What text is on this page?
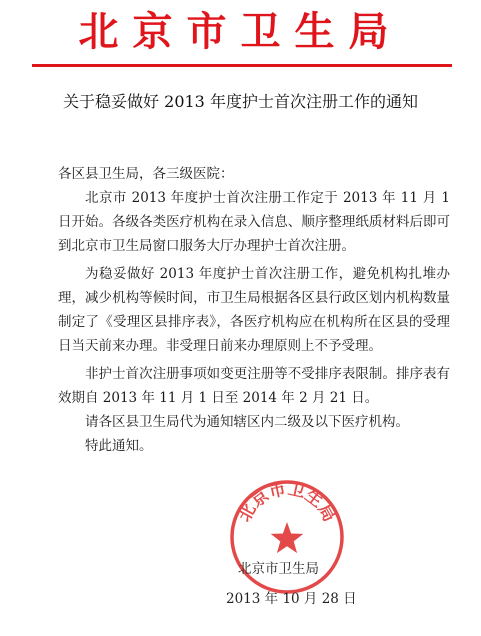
北京市卫生局
关于稳妥做好 2013 年度护士首次注册工作的通知

各区县卫生局，各三级医院：

北京市 2013 年度护士首次注册工作定于 2013 年 11 月 1 日开始。各级各类医疗机构在录入信息、顺序整理纸质材料后即可到北京市卫生局窗口服务大厅办理护士首次注册。

为稳妥做好 2013 年度护士首次注册工作，避免机构扎堆办理，减少机构等候时间，市卫生局根据各区县行政区划内机构数量制定了《受理区县排序表》，各医疗机构应在机构所在区县的受理日当天前来办理。非受理日前来办理原则上不予受理。

非护士首次注册事项如变更注册等不受排序表限制。排序表有效期自 2013 年 11 月 1 日至 2014 年 2 月 21 日。

请各区县卫生局代为通知辖区内二级及以下医疗机构。

特此通知。

北京市卫生局
北京市卫生局
2013 年 10 月 28 日
